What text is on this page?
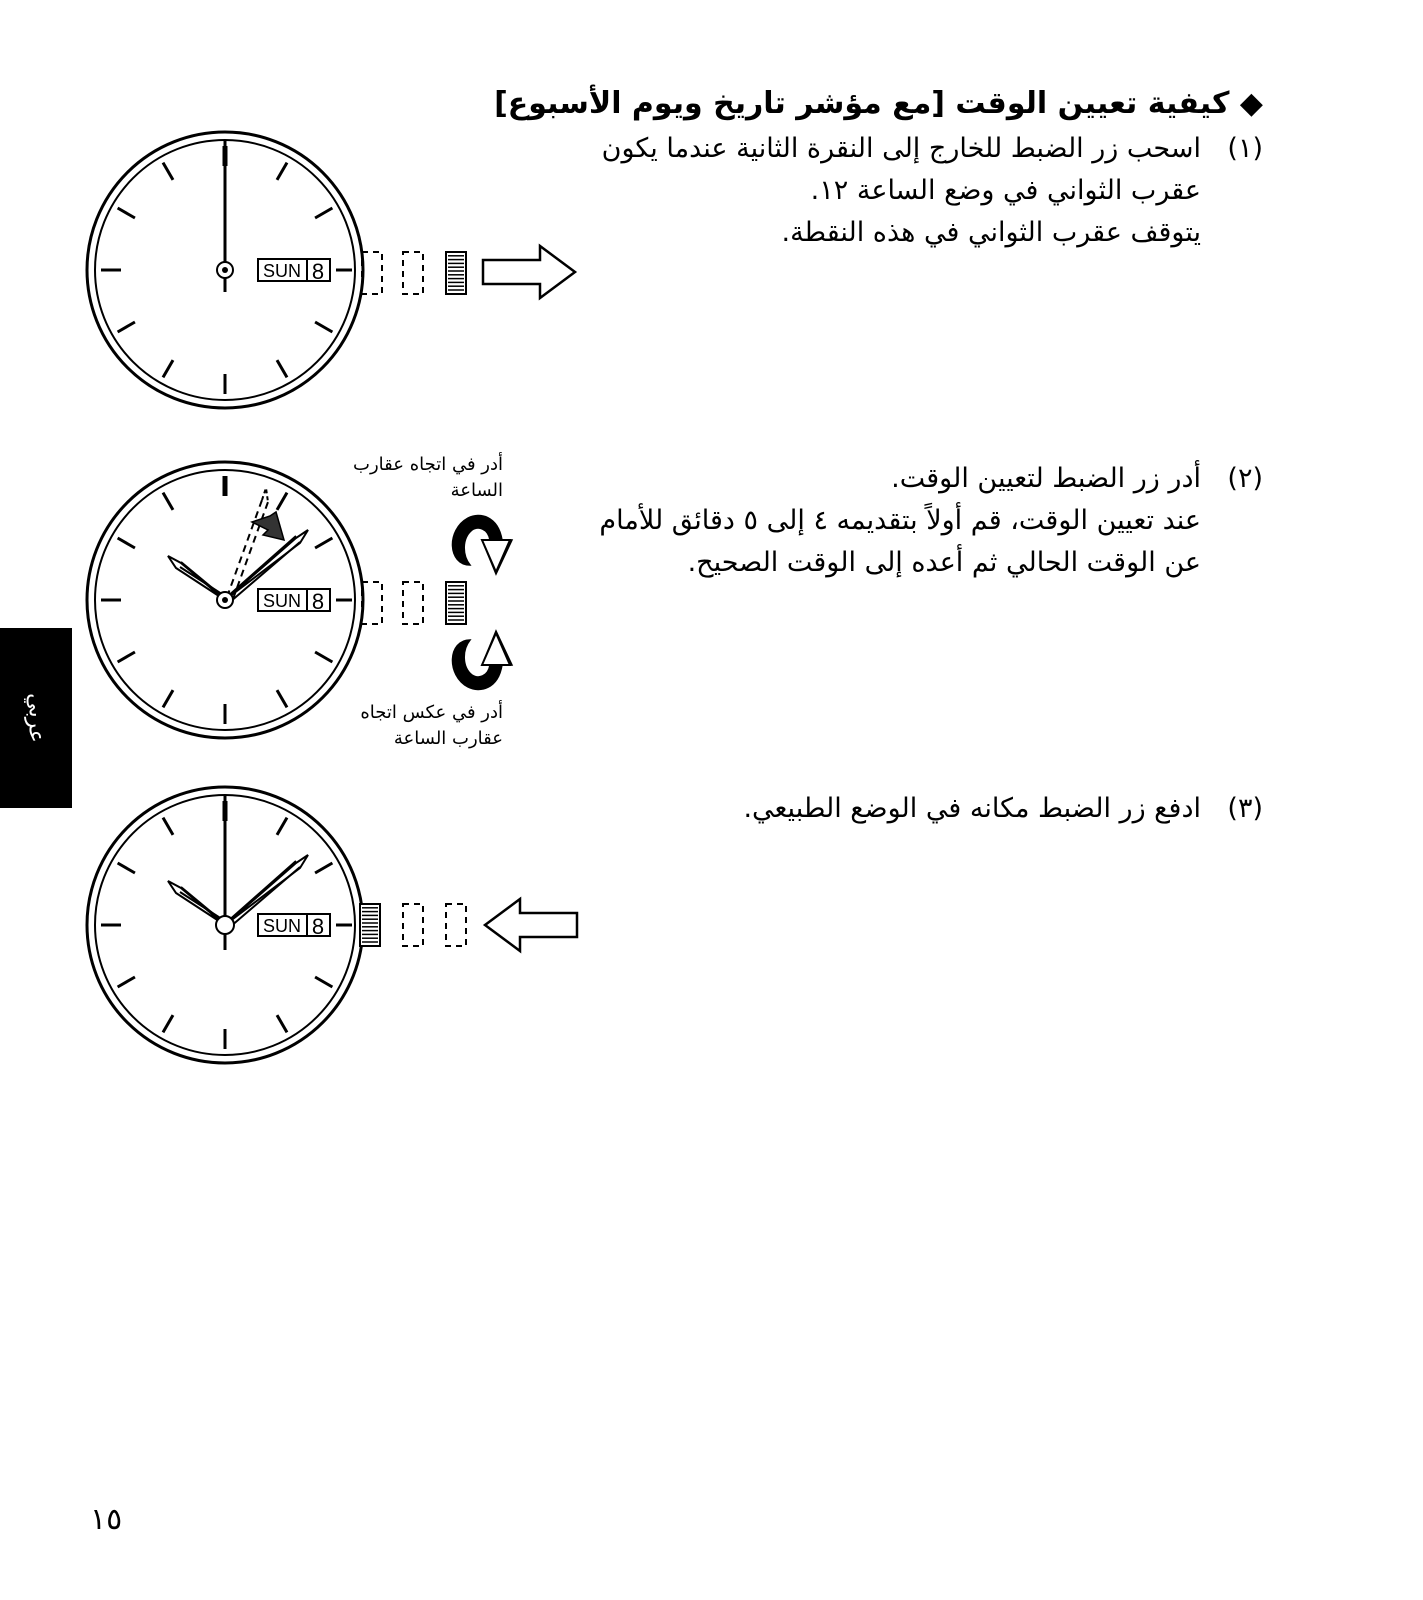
◆ كيفية تعيين الوقت [مع مؤشر تاريخ ويوم الأسبوع]
(١)
اسحب زر الضبط للخارج إلى النقرة الثانية عندما يكون
عقرب الثواني في وضع الساعة ١٢.
يتوقف عقرب الثواني في هذه النقطة.
(٢)
أدر زر الضبط لتعيين الوقت.
عند تعيين الوقت، قم أولاً بتقديمه ٤ إلى ٥ دقائق للأمام
عن الوقت الحالي ثم أعده إلى الوقت الصحيح.
(٣)
ادفع زر الضبط مكانه في الوضع الطبيعي.
أدر في اتجاه عقارب
الساعة
أدر في عكس اتجاه
عقارب الساعة
عربي
١٥
SUN 8
SUN 8
SUN 8
